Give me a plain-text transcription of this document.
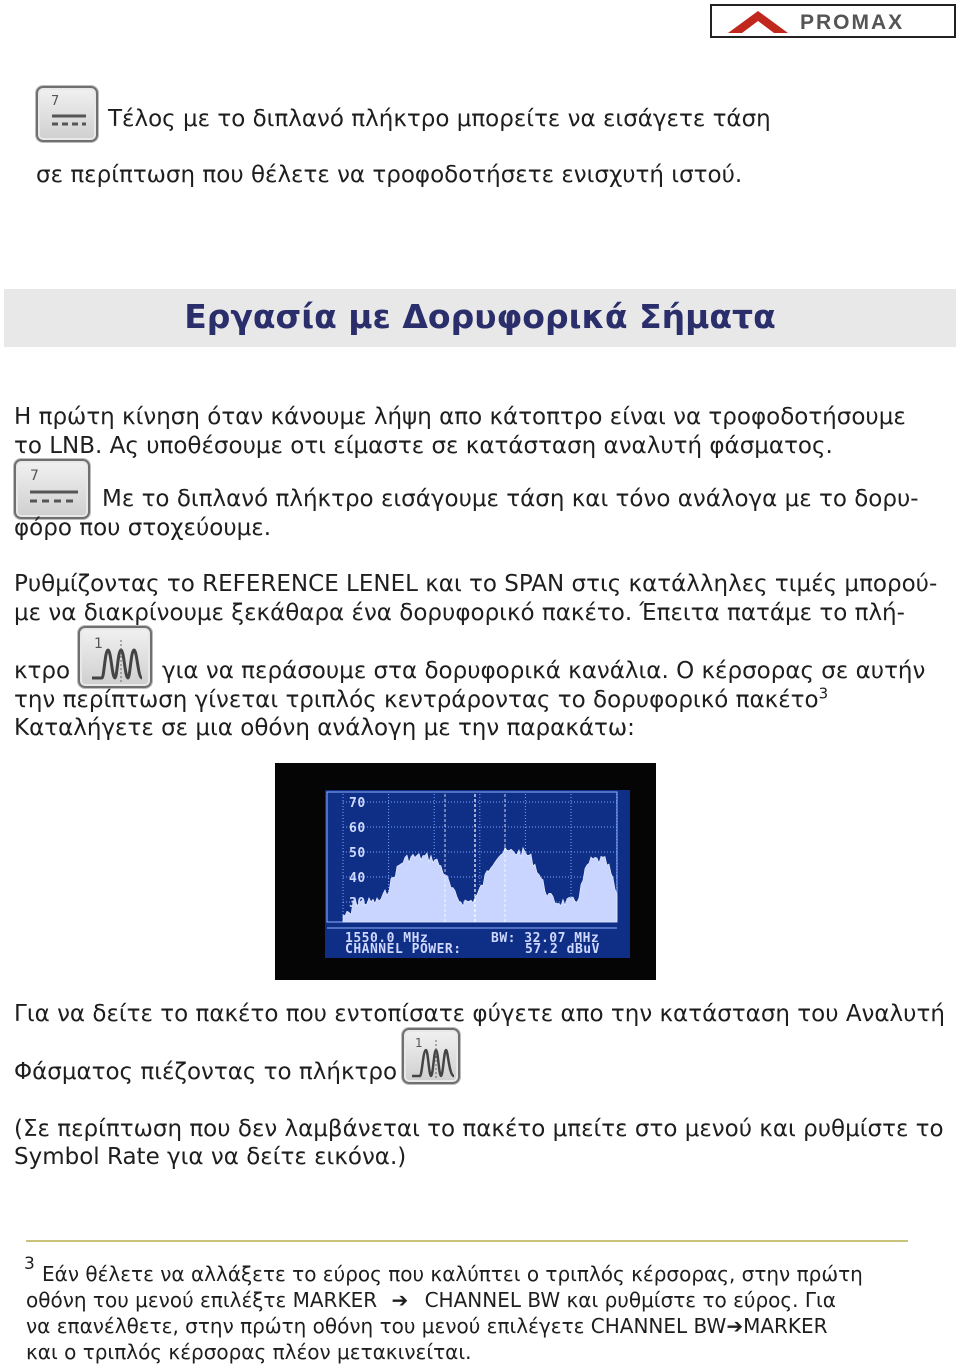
PROMAX
7
Τέλος με το διπλανό πλήκτρο μπορείτε να εισάγετε τάση
σε περίπτωση που θέλετε να τροφοδοτήσετε ενισχυτή ιστού.
Εργασία με Δορυφορικά Σήματα
Η πρώτη κίνηση όταν κάνουμε λήψη απο κάτοπτρο είναι να τροφοδοτήσουμε
το LNB. Ας υποθέσουμε οτι είμαστε σε κατάσταση αναλυτή φάσματος.
7
Με το διπλανό πλήκτρο εισάγουμε τάση και τόνο ανάλογα με το δορυ-
φόρο που στοχεύουμε.
Ρυθμίζοντας το REFERENCE LENEL και το SPAN στις κατάλληλες τιμές μπορού-
με να διακρίνουμε ξεκάθαρα ένα δορυφορικό πακέτο. Έπειτα πατάμε το πλή-
κτρο
1
για να περάσουμε στα δορυφορικά κανάλια. Ο κέρσορας σε αυτήν
την περίπτωση γίνεται τριπλός κεντράροντας το δορυφορικό πακέτο$^3$
Καταλήγετε σε μια οθόνη ανάλογη με την παρακάτω:
70
60
50
40
30
1550.0 MHz	BW: 32.07 MHz
CHANNEL POWER:	57.2 dBuV
Για να δείτε το πακέτο που εντοπίσατε φύγετε απο την κατάσταση του Αναλυτή
Φάσματος πιέζοντας το πλήκτρο
1
(Σε περίπτωση που δεν λαμβάνεται το πακέτο μπείτε στο μενού και ρυθμίστε το
Symbol Rate για να δείτε εικόνα.)
3 Εάν θέλετε να αλλάξετε το εύρος που καλύπτει ο τριπλός κέρσορας, στην πρώτη
οθόνη του μενού επιλέξτε MARKER ➔ CHANNEL BW και ρυθμίστε το εύρος. Για
να επανέλθετε, στην πρώτη οθόνη του μενού επιλέγετε CHANNEL BW➔MARKER
και ο τριπλός κέρσορας πλέον μετακινείται.
